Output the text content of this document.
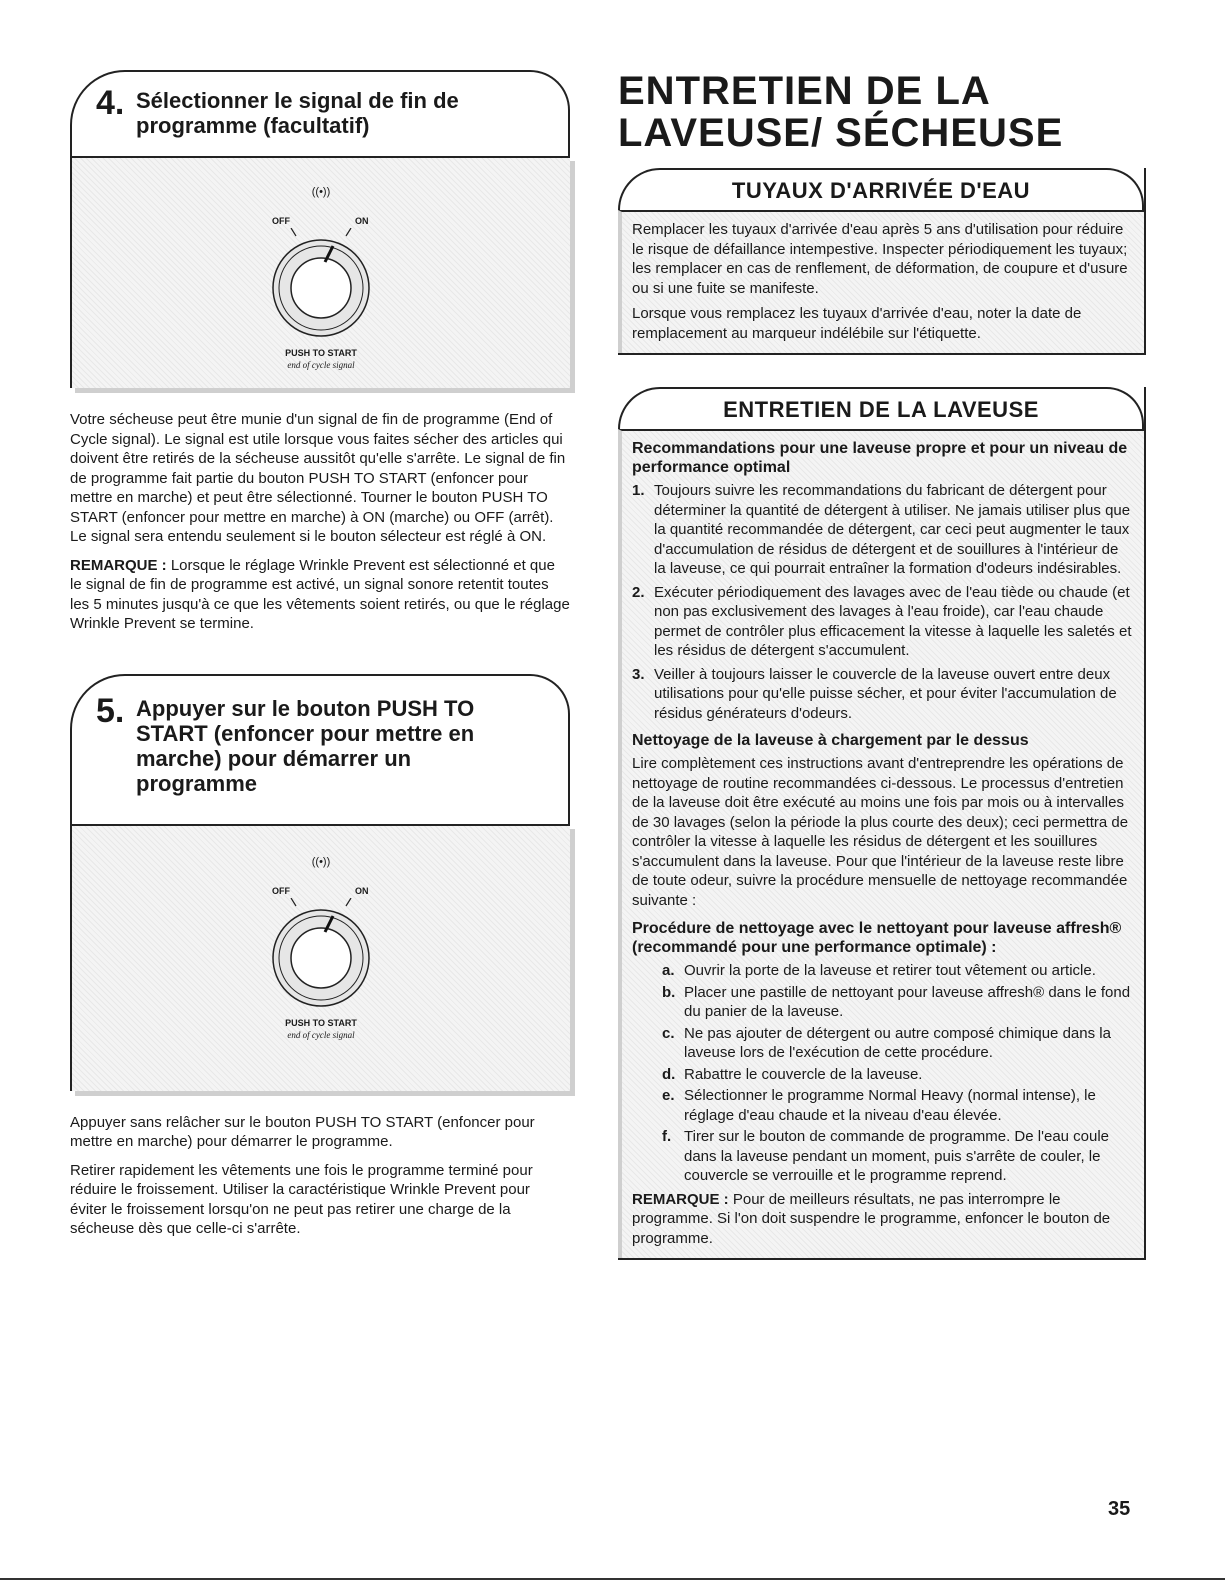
4. Sélectionner le signal de fin de programme (facultatif)
((•))
OFF	ON
PUSH TO START
end of cycle signal

Votre sécheuse peut être munie d'un signal de fin de programme (End of Cycle signal). Le signal est utile lorsque vous faites sécher des articles qui doivent être retirés de la sécheuse aussitôt qu'elle s'arrête. Le signal de fin de programme fait partie du bouton PUSH TO START (enfoncer pour mettre en marche) et peut être sélectionné. Tourner le bouton PUSH TO START (enfoncer pour mettre en marche) à ON (marche) ou OFF (arrêt). Le signal sera entendu seulement si le bouton sélecteur est réglé à ON.

REMARQUE : Lorsque le réglage Wrinkle Prevent est sélectionné et que le signal de fin de programme est activé, un signal sonore retentit toutes les 5 minutes jusqu'à ce que les vêtements soient retirés, ou que le réglage Wrinkle Prevent se termine.

5. Appuyer sur le bouton PUSH TO START (enfoncer pour mettre en marche) pour démarrer un programme
((•))
OFF	ON
PUSH TO START
end of cycle signal

Appuyer sans relâcher sur le bouton PUSH TO START (enfoncer pour mettre en marche) pour démarrer le programme.

Retirer rapidement les vêtements une fois le programme terminé pour réduire le froissement. Utiliser la caractéristique Wrinkle Prevent pour éviter le froissement lorsqu'on ne peut pas retirer une charge de la sécheuse dès que celle-ci s'arrête.

ENTRETIEN DE LA LAVEUSE/ SÉCHEUSE
TUYAUX D'ARRIVÉE D'EAU

Remplacer les tuyaux d'arrivée d'eau après 5 ans d'utilisation pour réduire le risque de défaillance intempestive. Inspecter périodiquement les tuyaux; les remplacer en cas de renflement, de déformation, de coupure et d'usure ou si une fuite se manifeste.

Lorsque vous remplacez les tuyaux d'arrivée d'eau, noter la date de remplacement au marqueur indélébile sur l'étiquette.

ENTRETIEN DE LA LAVEUSE

Recommandations pour une laveuse propre et pour un niveau de performance optimal

1. Toujours suivre les recommandations du fabricant de détergent pour déterminer la quantité de détergent à utiliser. Ne jamais utiliser plus que la quantité recommandée de détergent, car ceci peut augmenter le taux d'accumulation de résidus de détergent et de souillures à l'intérieur de la laveuse, ce qui pourrait entraîner la formation d'odeurs indésirables.
2. Exécuter périodiquement des lavages avec de l'eau tiède ou chaude (et non pas exclusivement des lavages à l'eau froide), car l'eau chaude permet de contrôler plus efficacement la vitesse à laquelle les saletés et les résidus de détergent s'accumulent.
3. Veiller à toujours laisser le couvercle de la laveuse ouvert entre deux utilisations pour qu'elle puisse sécher, et pour éviter l'accumulation de résidus générateurs d'odeurs.

Nettoyage de la laveuse à chargement par le dessus

Lire complètement ces instructions avant d'entreprendre les opérations de nettoyage de routine recommandées ci-dessous. Le processus d'entretien de la laveuse doit être exécuté au moins une fois par mois ou à intervalles de 30 lavages (selon la période la plus courte des deux); ceci permettra de contrôler la vitesse à laquelle les résidus de détergent et les souillures s'accumulent dans la laveuse. Pour que l'intérieur de la laveuse reste libre de toute odeur, suivre la procédure mensuelle de nettoyage recommandée suivante :

Procédure de nettoyage avec le nettoyant pour laveuse affresh® (recommandé pour une performance optimale) :

a. Ouvrir la porte de la laveuse et retirer tout vêtement ou article.
b. Placer une pastille de nettoyant pour laveuse affresh® dans le fond du panier de la laveuse.
c. Ne pas ajouter de détergent ou autre composé chimique dans la laveuse lors de l'exécution de cette procédure.
d. Rabattre le couvercle de la laveuse.
e. Sélectionner le programme Normal Heavy (normal intense), le réglage d'eau chaude et la niveau d'eau élevée.
f. Tirer sur le bouton de commande de programme. De l'eau coule dans la laveuse pendant un moment, puis s'arrête de couler, le couvercle se verrouille et le programme reprend.

REMARQUE : Pour de meilleurs résultats, ne pas interrompre le programme. Si l'on doit suspendre le programme, enfoncer le bouton de programme.

35
